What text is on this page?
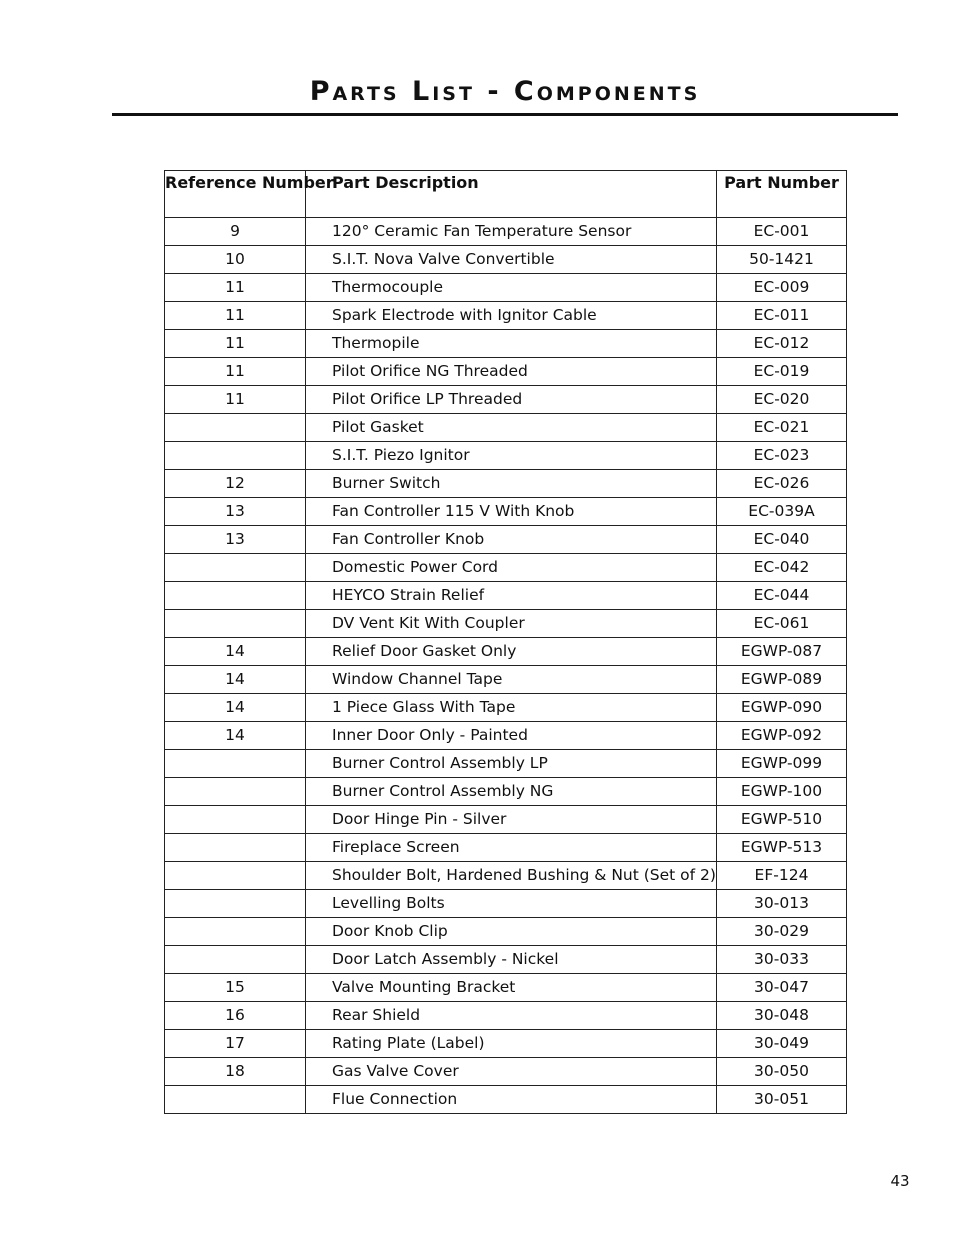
Parts List - Components
Reference Number	Part Description	Part Number
9	120° Ceramic Fan Temperature Sensor	EC-001
10	S.I.T. Nova Valve Convertible	50-1421
11	Thermocouple	EC-009
11	Spark Electrode with Ignitor Cable	EC-011
11	Thermopile	EC-012
11	Pilot Orifice NG Threaded	EC-019
11	Pilot Orifice LP Threaded	EC-020
	Pilot Gasket	EC-021
	S.I.T. Piezo Ignitor	EC-023
12	Burner Switch	EC-026
13	Fan Controller 115 V With Knob	EC-039A
13	Fan Controller Knob	EC-040
	Domestic Power Cord	EC-042
	HEYCO Strain Relief	EC-044
	DV Vent Kit With Coupler	EC-061
14	Relief Door Gasket Only	EGWP-087
14	Window Channel Tape	EGWP-089
14	1 Piece Glass With Tape	EGWP-090
14	Inner Door Only - Painted	EGWP-092
	Burner Control Assembly LP	EGWP-099
	Burner Control Assembly NG	EGWP-100
	Door Hinge Pin - Silver	EGWP-510
	Fireplace Screen	EGWP-513
	Shoulder Bolt, Hardened Bushing & Nut (Set of 2)	EF-124
	Levelling Bolts	30-013
	Door Knob Clip	30-029
	Door Latch Assembly - Nickel	30-033
15	Valve Mounting Bracket	30-047
16	Rear Shield	30-048
17	Rating Plate (Label)	30-049
18	Gas Valve Cover	30-050
	Flue Connection	30-051
43
